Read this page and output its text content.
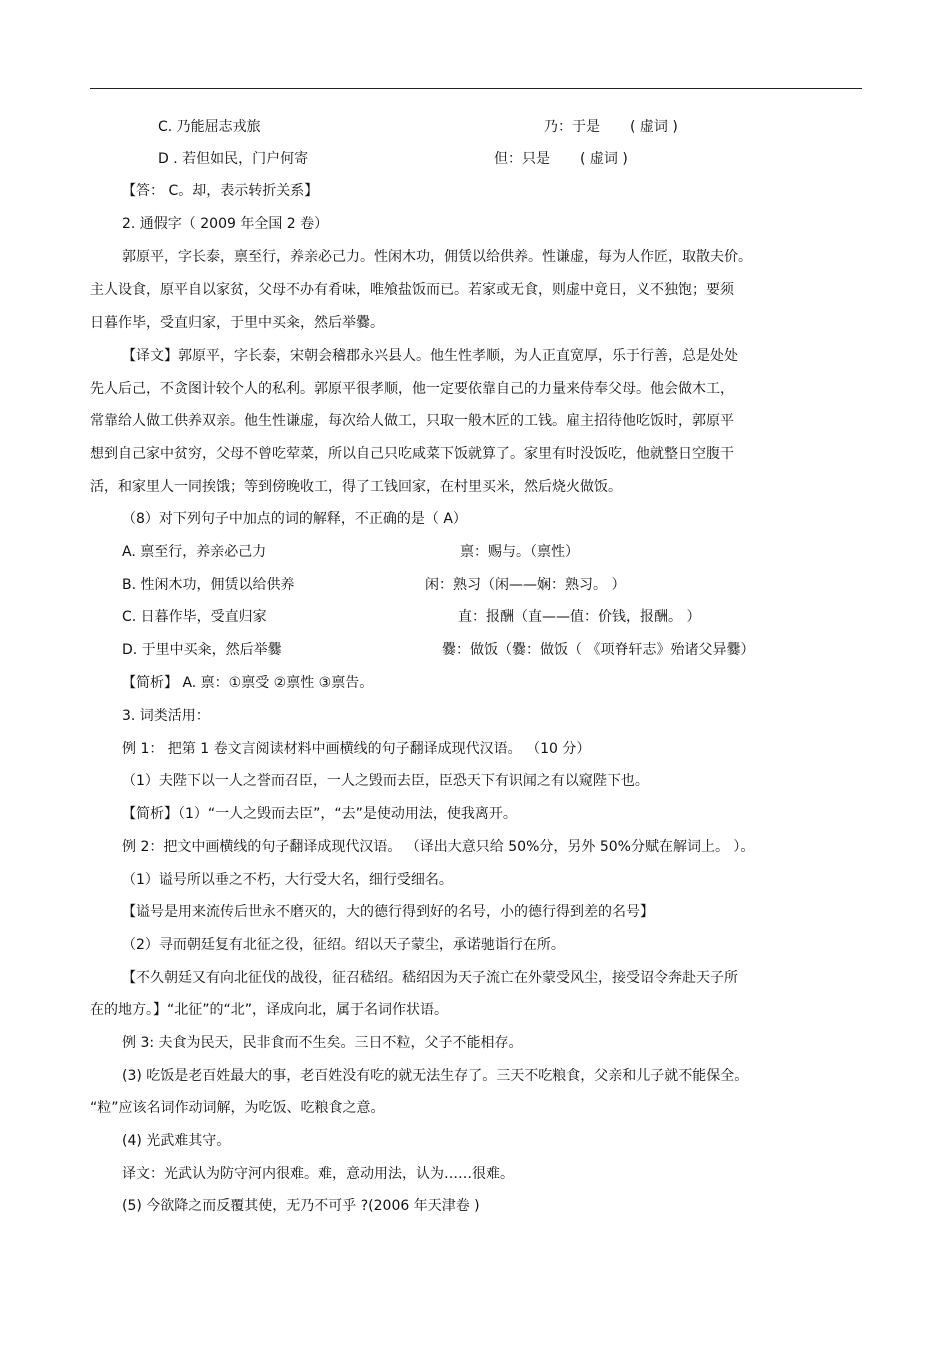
C. 乃能屈志戎旅	乃：于是 ( 虚词 )
D . 若但如民，门户何寄	但：只是 ( 虚词 )
【答： C。却，表示转折关系】
2. 通假字（ 2009 年全国 2 卷）
郭原平，字长泰，禀至行，养亲必己力。性闲木功，佣赁以给供养。性谦虚，每为人作匠，取散夫价。
主人设食，原平自以家贫，父母不办有肴味，唯飧盐饭而已。若家或无食，则虚中竟日，义不独饱；要须
日暮作毕，受直归家，于里中买籴，然后举爨。
【译文】郭原平，字长泰，宋朝会稽郡永兴县人。他生性孝顺，为人正直宽厚，乐于行善，总是处处
先人后己，不贪图计较个人的私利。郭原平很孝顺，他一定要依靠自己的力量来侍奉父母。他会做木工，
常靠给人做工供养双亲。他生性谦虚，每次给人做工，只取一般木匠的工钱。雇主招待他吃饭时，郭原平
想到自己家中贫穷，父母不曾吃荤菜，所以自己只吃咸菜下饭就算了。家里有时没饭吃，他就整日空腹干
活，和家里人一同挨饿；等到傍晚收工，得了工钱回家，在村里买米，然后烧火做饭。
（8）对下列句子中加点的词的解释，不正确的是（ A）
A. 禀至行，养亲必己力	禀：赐与。（禀性）
B. 性闲木功，佣赁以给供养	闲：熟习（闲——娴：熟习。 ）
C. 日暮作毕，受直归家	直：报酬（直——值：价钱，报酬。 ）
D. 于里中买籴，然后举爨	爨：做饭（爨：做饭（ 《项脊轩志》殆诸父异爨）
【简析】 A. 禀：①禀受 ②禀性 ③禀告。
3. 词类活用：
例 1： 把第 1 卷文言阅读材料中画横线的句子翻译成现代汉语。 （10 分）
（1）夫陛下以一人之誉而召臣，一人之毁而去臣，臣恐天下有识闻之有以窥陛下也。
【简析】（1）“一人之毁而去臣”，“去”是使动用法，使我离开。
例 2：把文中画横线的句子翻译成现代汉语。 （译出大意只给 50%分，另外 50%分赋在解词上。 ）。
（1）谥号所以垂之不朽，大行受大名，细行受细名。
【谥号是用来流传后世永不磨灭的，大的德行得到好的名号，小的德行得到差的名号】
（2）寻而朝廷复有北征之役，征绍。绍以天子蒙尘，承诺驰诣行在所。
【不久朝廷又有向北征伐的战役，征召嵇绍。嵇绍因为天子流亡在外蒙受风尘，接受诏令奔赴天子所
在的地方。】“北征”的“北”，译成向北，属于名词作状语。
例 3: 夫食为民天，民非食而不生矣。三日不粒，父子不能相存。
(3) 吃饭是老百姓最大的事，老百姓没有吃的就无法生存了。三天不吃粮食，父亲和儿子就不能保全。
“粒”应该名词作动词解，为吃饭、吃粮食之意。
(4) 光武难其守。
译文：光武认为防守河内很难。难，意动用法，认为……很难。
(5) 今欲降之而反覆其使，无乃不可乎 ?(2006 年天津卷 )
